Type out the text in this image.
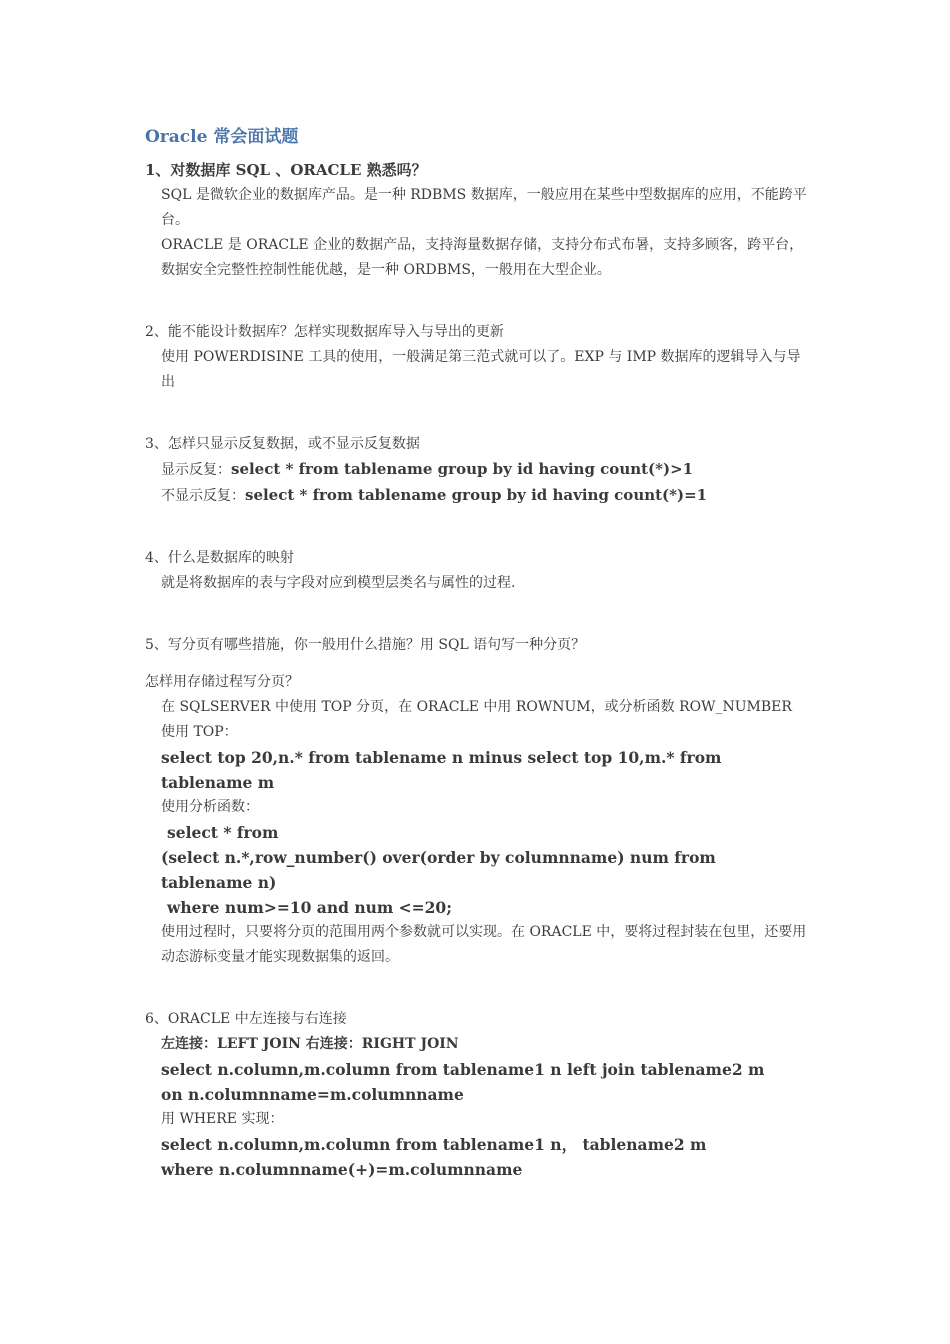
Oracle 常会面试题
1、对数据库 SQL 、ORACLE 熟悉吗？
SQL 是微软企业的数据库产品。是一种 RDBMS 数据库，一般应用在某些中型数据库的应用，不能跨平台。
ORACLE 是 ORACLE 企业的数据产品，支持海量数据存储，支持分布式布暑，支持多顾客，跨平台，数据安全完整性控制性能优越，是一种 ORDBMS，一般用在大型企业。
2、能不能设计数据库？怎样实现数据库导入与导出的更新
使用 POWERDISINE 工具的使用，一般满足第三范式就可以了。EXP 与 IMP 数据库的逻辑导入与导出
3、怎样只显示反复数据，或不显示反复数据
显示反复：select * from tablename group by id having count(*)>1
不显示反复：select * from tablename group by id having count(*)=1
4、什么是数据库的映射
就是将数据库的表与字段对应到模型层类名与属性的过程.
5、写分页有哪些措施，你一般用什么措施？用 SQL 语句写一种分页？
怎样用存储过程写分页？
在 SQLSERVER 中使用 TOP 分页，在 ORACLE 中用 ROWNUM，或分析函数 ROW_NUMBER
使用 TOP：
select top 20,n.* from tablename n minus select top 10,m.* from tablename m
使用分析函数：
select * from
(select n.*,row_number() over(order by columnname) num from tablename n)
where num>=10 and num <=20;
使用过程时，只要将分页的范围用两个参数就可以实现。在 ORACLE 中，要将过程封装在包里，还要用动态游标变量才能实现数据集的返回。
6、ORACLE 中左连接与右连接
左连接：LEFT JOIN 右连接：RIGHT JOIN
select n.column,m.column from tablename1 n left join tablename2 m
on n.columnname=m.columnname
用 WHERE 实现：
select n.column,m.column from tablename1 n， tablename2 m
where n.columnname(+)=m.columnname
